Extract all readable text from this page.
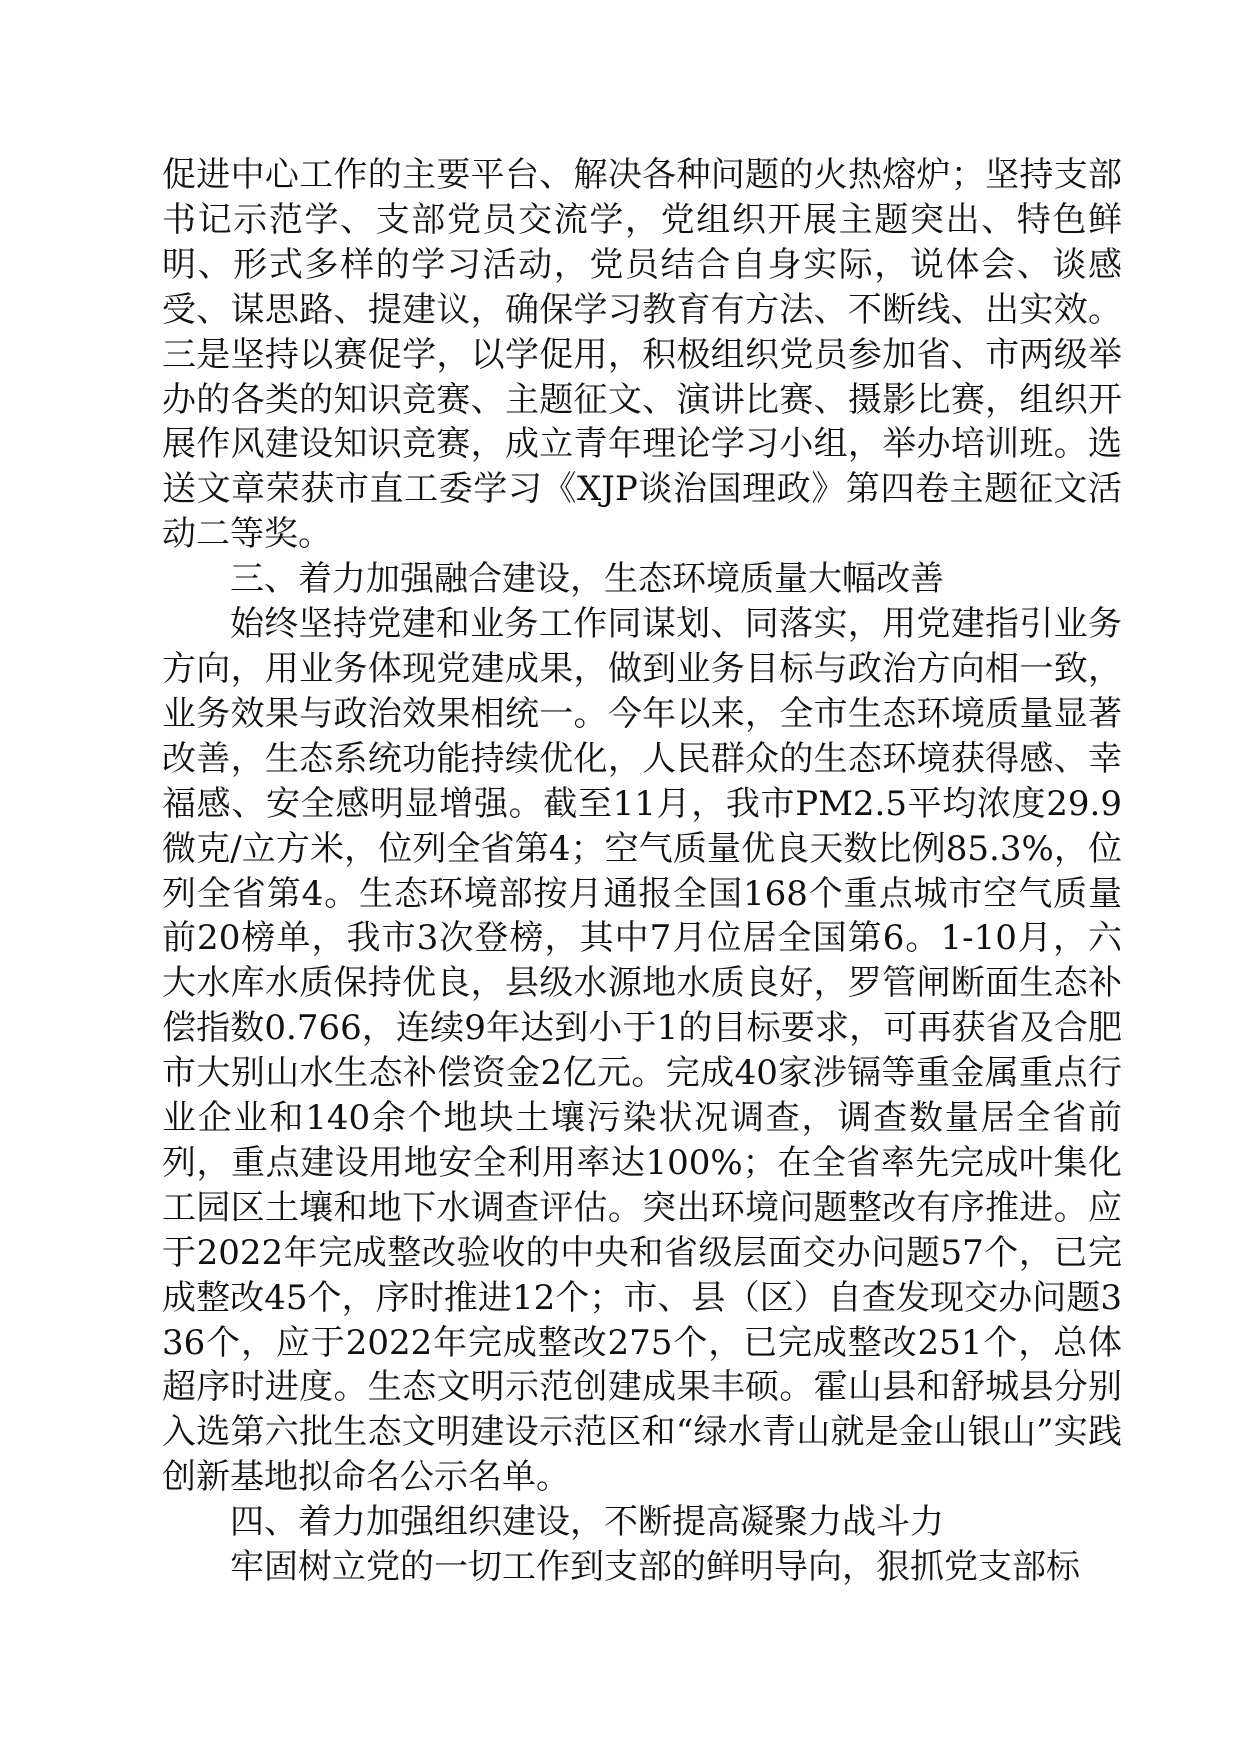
促进中心工作的主要平台、解决各种问题的火热熔炉；坚持支部书记示范学、支部党员交流学，党组织开展主题突出、特色鲜明、形式多样的学习活动，党员结合自身实际，说体会、谈感受、谋思路、提建议，确保学习教育有方法、不断线、出实效。三是坚持以赛促学，以学促用，积极组织党员参加省、市两级举办的各类的知识竞赛、主题征文、演讲比赛、摄影比赛，组织开展作风建设知识竞赛，成立青年理论学习小组，举办培训班。选送文章荣获市直工委学习《XJP谈治国理政》第四卷主题征文活动二等奖。

三、着力加强融合建设，生态环境质量大幅改善

始终坚持党建和业务工作同谋划、同落实，用党建指引业务方向，用业务体现党建成果，做到业务目标与政治方向相一致，业务效果与政治效果相统一。今年以来，全市生态环境质量显著改善，生态系统功能持续优化，人民群众的生态环境获得感、幸福感、安全感明显增强。截至11月，我市PM2.5平均浓度29.9微克/立方米，位列全省第4；空气质量优良天数比例85.3%，位列全省第4。生态环境部按月通报全国168个重点城市空气质量前20榜单，我市3次登榜，其中7月位居全国第6。1-10月，六大水库水质保持优良，县级水源地水质良好，罗管闸断面生态补偿指数0.766，连续9年达到小于1的目标要求，可再获省及合肥市大别山水生态补偿资金2亿元。完成40家涉镉等重金属重点行业企业和140余个地块土壤污染状况调查，调查数量居全省前列，重点建设用地安全利用率达100%；在全省率先完成叶集化工园区土壤和地下水调查评估。突出环境问题整改有序推进。应于2022年完成整改验收的中央和省级层面交办问题57个，已完成整改45个，序时推进12个；市、县（区）自查发现交办问题336个，应于2022年完成整改275个，已完成整改251个，总体超序时进度。生态文明示范创建成果丰硕。霍山县和舒城县分别入选第六批生态文明建设示范区和“绿水青山就是金山银山”实践创新基地拟命名公示名单。

四、着力加强组织建设，不断提高凝聚力战斗力

牢固树立党的一切工作到支部的鲜明导向，狠抓党支部标
